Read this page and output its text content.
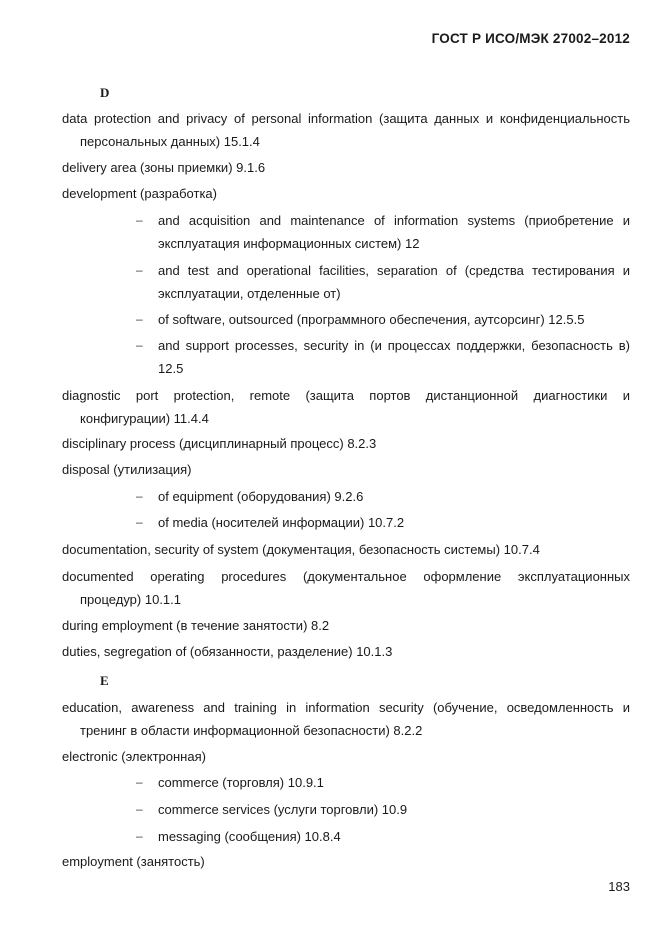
ГОСТ Р ИСО/МЭК 27002–2012
D
data protection and privacy of personal information (защита данных и конфиденциальность
персональных данных) 15.1.4
delivery area (зоны приемки) 9.1.6
development (разработка)
– and acquisition and maintenance of information systems (приобретение и
эксплуатация информационных систем) 12
– and test and operational facilities, separation of (средства тестирования и
эксплуатации, отделенные от)
– of software, outsourced (программного обеспечения, аутсорсинг) 12.5.5
– and support processes, security in (и процессах поддержки, безопасность в)
12.5
diagnostic port protection, remote (защита портов дистанционной диагностики и
конфигурации) 11.4.4
disciplinary process (дисциплинарный процесс) 8.2.3
disposal (утилизация)
– of equipment (оборудования) 9.2.6
– of media (носителей информации) 10.7.2
documentation, security of system (документация, безопасность системы) 10.7.4
documented operating procedures (документальное оформление эксплуатационных
процедур) 10.1.1
during employment (в течение занятости) 8.2
duties, segregation of (обязанности, разделение) 10.1.3
E
education, awareness and training in information security (обучение, осведомленность и
тренинг в области информационной безопасности) 8.2.2
electronic (электронная)
– commerce (торговля) 10.9.1
– commerce services (услуги торговли) 10.9
– messaging (сообщения) 10.8.4
employment (занятость)
183
